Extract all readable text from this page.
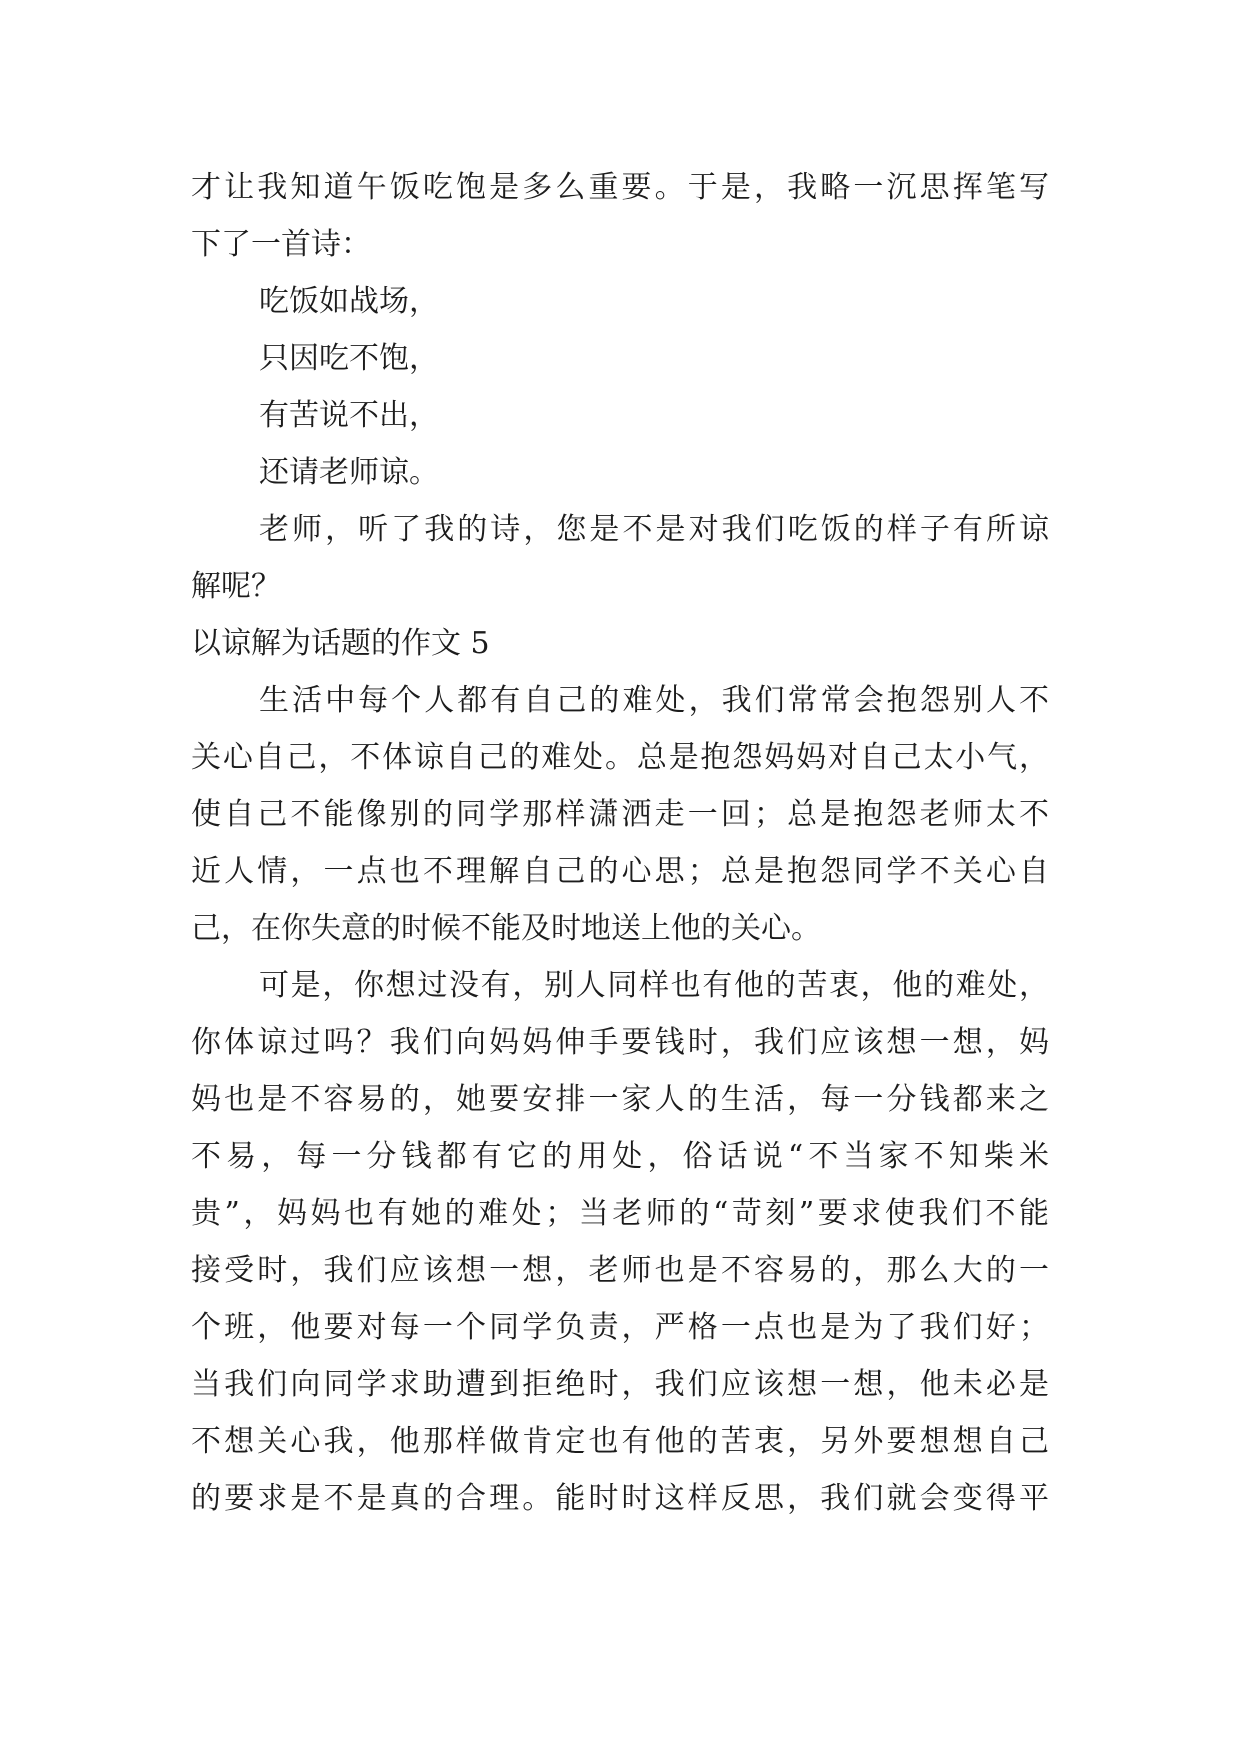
才让我知道午饭吃饱是多么重要。于是，我略一沉思挥笔写

下了一首诗：

吃饭如战场，

只因吃不饱，

有苦说不出，

还请老师谅。

老师，听了我的诗，您是不是对我们吃饭的样子有所谅

解呢？

以谅解为话题的作文 5

生活中每个人都有自己的难处，我们常常会抱怨别人不

关心自己，不体谅自己的难处。总是抱怨妈妈对自己太小气，

使自己不能像别的同学那样潇洒走一回；总是抱怨老师太不

近人情，一点也不理解自己的心思；总是抱怨同学不关心自

己，在你失意的时候不能及时地送上他的关心。

可是，你想过没有，别人同样也有他的苦衷，他的难处，

你体谅过吗？我们向妈妈伸手要钱时，我们应该想一想，妈

妈也是不容易的，她要安排一家人的生活，每一分钱都来之

不易，每一分钱都有它的用处，俗话说“不当家不知柴米

贵”，妈妈也有她的难处；当老师的“苛刻”要求使我们不能

接受时，我们应该想一想，老师也是不容易的，那么大的一

个班，他要对每一个同学负责，严格一点也是为了我们好；

当我们向同学求助遭到拒绝时，我们应该想一想，他未必是

不想关心我，他那样做肯定也有他的苦衷，另外要想想自己

的要求是不是真的合理。能时时这样反思，我们就会变得平
